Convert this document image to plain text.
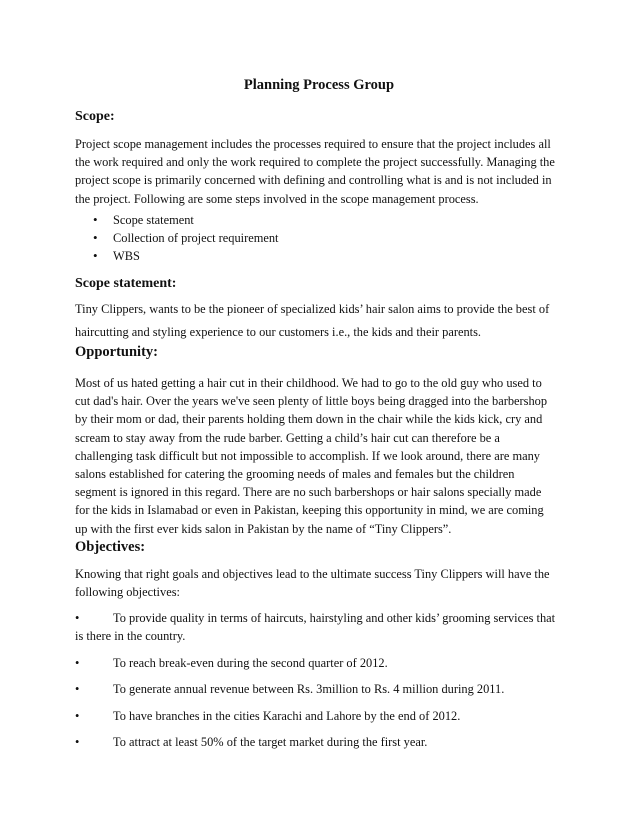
Planning Process Group
Scope:
Project scope management includes the processes required to ensure that the project includes all
the work required and only the work required to complete the project successfully. Managing the
project scope is primarily concerned with defining and controlling what is and is not included in
the project. Following are some steps involved in the scope management process.
• Scope statement
• Collection of project requirement
• WBS
Scope statement:
Tiny Clippers, wants to be the pioneer of specialized kids’ hair salon aims to provide the best of
haircutting and styling experience to our customers i.e., the kids and their parents.
Opportunity:
Most of us hated getting a hair cut in their childhood. We had to go to the old guy who used to
cut dad's hair. Over the years we've seen plenty of little boys being dragged into the barbershop
by their mom or dad, their parents holding them down in the chair while the kids kick, cry and
scream to stay away from the rude barber. Getting a child’s hair cut can therefore be a
challenging task difficult but not impossible to accomplish. If we look around, there are many
salons established for catering the grooming needs of males and females but the children
segment is ignored in this regard. There are no such barbershops or hair salons specially made
for the kids in Islamabad or even in Pakistan, keeping this opportunity in mind, we are coming
up with the first ever kids salon in Pakistan by the name of “Tiny Clippers”.
Objectives:
Knowing that right goals and objectives lead to the ultimate success Tiny Clippers will have the
following objectives:
•	To provide quality in terms of haircuts, hairstyling and other kids’ grooming services that
is there in the country.
•	To reach break-even during the second quarter of 2012.
•	To generate annual revenue between Rs. 3million to Rs. 4 million during 2011.
•	To have branches in the cities Karachi and Lahore by the end of 2012.
•	To attract at least 50% of the target market during the first year.
